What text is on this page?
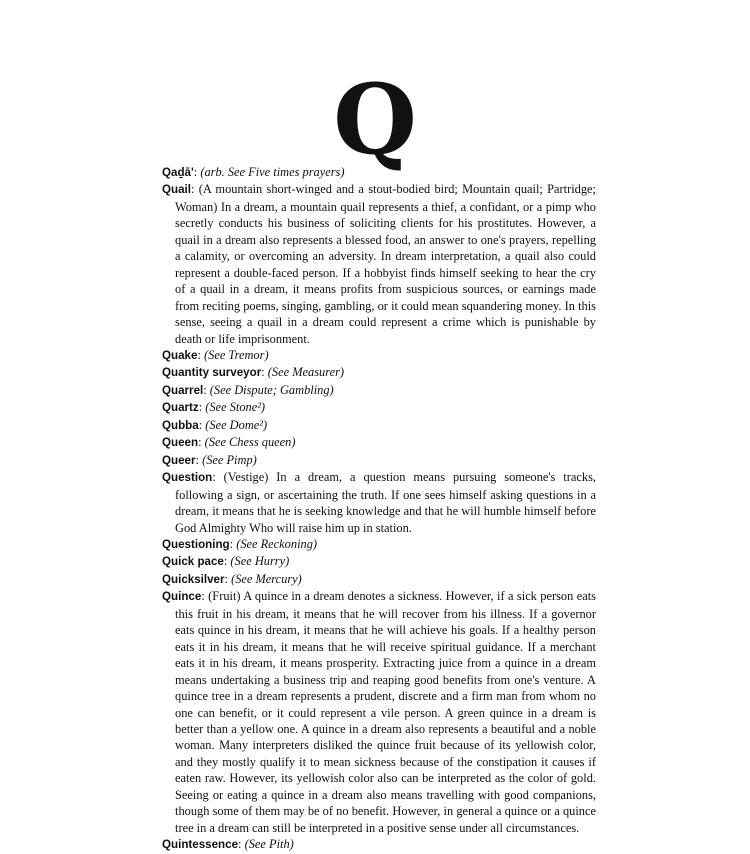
Q

Qaḏā': (arb. See Five times prayers)

Quail: (A mountain short-winged and a stout-bodied bird; Mountain quail; Partridge; Woman) In a dream, a mountain quail represents a thief, a confidant, or a pimp who secretly conducts his business of soliciting clients for his prostitutes. However, a quail in a dream also represents a blessed food, an answer to one's prayers, repelling a calamity, or overcoming an adversity. In dream interpretation, a quail also could represent a double-faced person. If a hobbyist finds himself seeking to hear the cry of a quail in a dream, it means profits from suspicious sources, or earnings made from reciting poems, singing, gambling, or it could mean squandering money. In this sense, seeing a quail in a dream could represent a crime which is punishable by death or life imprisonment.

Quake: (See Tremor)

Quantity surveyor: (See Measurer)

Quarrel: (See Dispute; Gambling)

Quartz: (See Stone²)

Qubba: (See Dome²)

Queen: (See Chess queen)

Queer: (See Pimp)

Question: (Vestige) In a dream, a question means pursuing someone's tracks, following a sign, or ascertaining the truth. If one sees himself asking questions in a dream, it means that he is seeking knowledge and that he will humble himself before God Almighty Who will raise him up in station.

Questioning: (See Reckoning)

Quick pace: (See Hurry)

Quicksilver: (See Mercury)

Quince: (Fruit) A quince in a dream denotes a sickness. However, if a sick person eats this fruit in his dream, it means that he will recover from his illness. If a governor eats quince in his dream, it means that he will achieve his goals. If a healthy person eats it in his dream, it means that he will receive spiritual guidance. If a merchant eats it in his dream, it means prosperity. Extracting juice from a quince in a dream means undertaking a business trip and reaping good benefits from one's venture. A quince tree in a dream represents a prudent, discrete and a firm man from whom no one can benefit, or it could represent a vile person. A green quince in a dream is better than a yellow one. A quince in a dream also represents a beautiful and a noble woman. Many interpreters disliked the quince fruit because of its yellowish color, and they mostly qualify it to mean sickness because of the constipation it causes if eaten raw. However, its yellowish color also can be interpreted as the color of gold. Seeing or eating a quince in a dream also means travelling with good companions, though some of them may be of no benefit. However, in general a quince or a quince tree in a dream can still be interpreted in a positive sense under all circumstances.

Quintessence: (See Pith)
